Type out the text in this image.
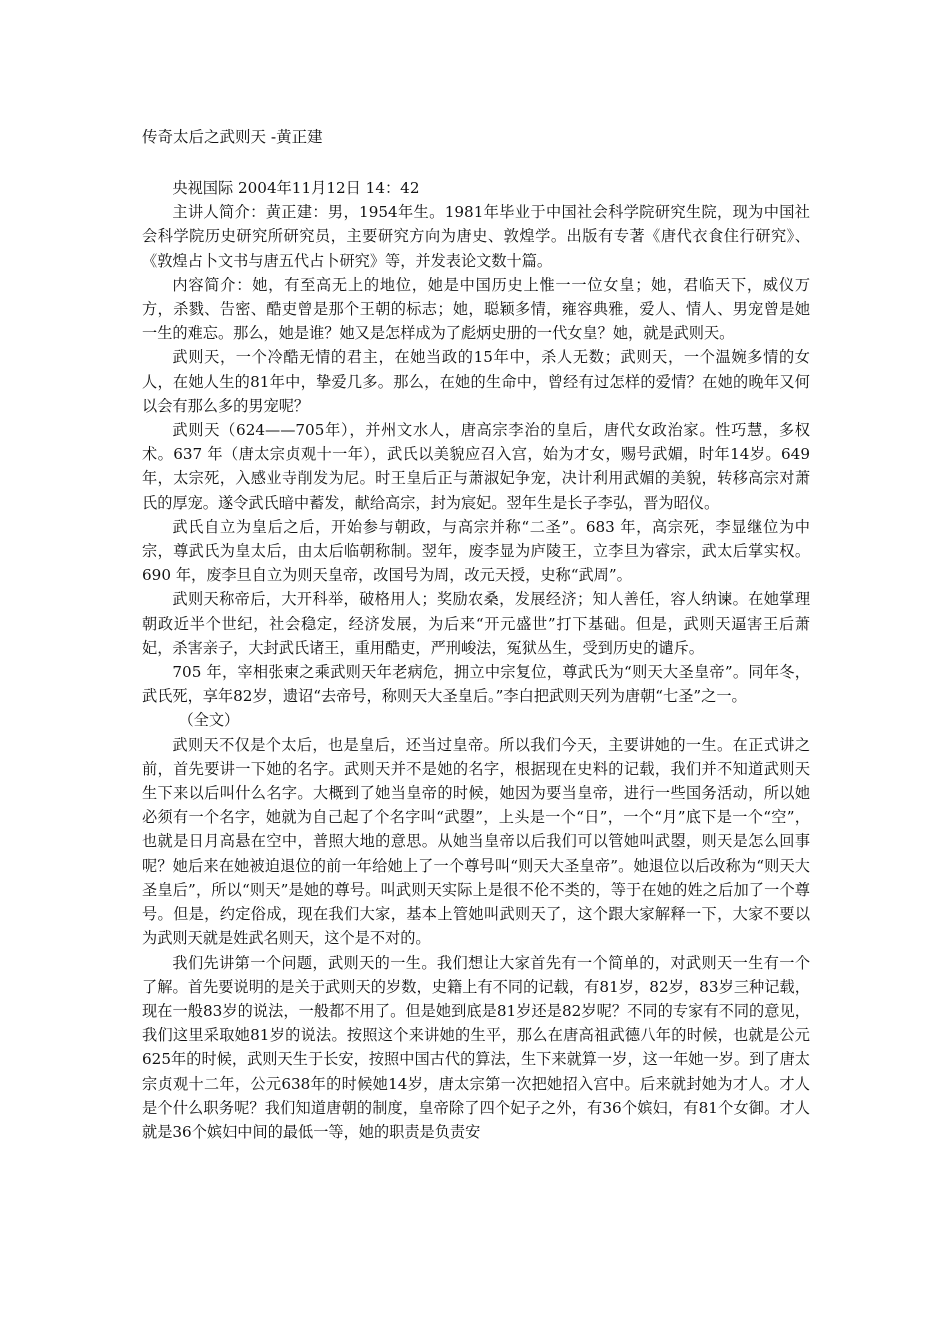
传奇太后之武则天 -黄正建

央视国际 2004年11月12日 14：42

主讲人简介：黄正建：男，1954年生。1981年毕业于中国社会科学院研究生院，现为中国社会科学院历史研究所研究员，主要研究方向为唐史、敦煌学。出版有专著《唐代衣食住行研究》、《敦煌占卜文书与唐五代占卜研究》等，并发表论文数十篇。

内容简介：她，有至高无上的地位，她是中国历史上惟一一位女皇；她，君临天下，威仪万方，杀戮、告密、酷吏曾是那个王朝的标志；她，聪颖多情，雍容典雅，爱人、情人、男宠曾是她一生的难忘。那么，她是谁？她又是怎样成为了彪炳史册的一代女皇？她，就是武则天。

武则天，一个冷酷无情的君主，在她当政的15年中，杀人无数；武则天，一个温婉多情的女人，在她人生的81年中，挚爱几多。那么，在她的生命中，曾经有过怎样的爱情？在她的晚年又何以会有那么多的男宠呢？

武则天（624——705年），并州文水人，唐高宗李治的皇后，唐代女政治家。性巧慧，多权术。637 年（唐太宗贞观十一年），武氏以美貌应召入宫，始为才女，赐号武媚，时年14岁。649年，太宗死，入感业寺削发为尼。时王皇后正与萧淑妃争宠，决计利用武媚的美貌，转移高宗对萧氏的厚宠。遂令武氏暗中蓄发，献给高宗，封为宸妃。翌年生是长子李弘，晋为昭仪。

武氏自立为皇后之后，开始参与朝政，与高宗并称“二圣”。683 年，高宗死，李显继位为中宗，尊武氏为皇太后，由太后临朝称制。翌年，废李显为庐陵王，立李旦为睿宗，武太后掌实权。690 年，废李旦自立为则天皇帝，改国号为周，改元天授，史称“武周”。

武则天称帝后，大开科举，破格用人；奖励农桑，发展经济；知人善任，容人纳谏。在她掌理朝政近半个世纪，社会稳定，经济发展，为后来“开元盛世”打下基础。但是，武则天逼害王后萧妃，杀害亲子，大封武氏诸王，重用酷吏，严刑峻法，冤狱丛生，受到历史的谴斥。

705 年，宰相张柬之乘武则天年老病危，拥立中宗复位，尊武氏为“则天大圣皇帝”。同年冬，武氏死，享年82岁，遗诏“去帝号，称则天大圣皇后。”李白把武则天列为唐朝“七圣”之一。

（全文）

武则天不仅是个太后，也是皇后，还当过皇帝。所以我们今天，主要讲她的一生。在正式讲之前，首先要讲一下她的名字。武则天并不是她的名字，根据现在史料的记载，我们并不知道武则天生下来以后叫什么名字。大概到了她当皇帝的时候，她因为要当皇帝，进行一些国务活动，所以她必须有一个名字，她就为自己起了个名字叫“武曌”，上头是一个“日”，一个“月”底下是一个“空”，也就是日月高悬在空中，普照大地的意思。从她当皇帝以后我们可以管她叫武曌，则天是怎么回事呢？她后来在她被迫退位的前一年给她上了一个尊号叫“则天大圣皇帝”。她退位以后改称为“则天大圣皇后”，所以“则天”是她的尊号。叫武则天实际上是很不伦不类的，等于在她的姓之后加了一个尊号。但是，约定俗成，现在我们大家，基本上管她叫武则天了，这个跟大家解释一下，大家不要以为武则天就是姓武名则天，这个是不对的。

我们先讲第一个问题，武则天的一生。我们想让大家首先有一个简单的，对武则天一生有一个了解。首先要说明的是关于武则天的岁数，史籍上有不同的记载，有81岁，82岁，83岁三种记载，现在一般83岁的说法，一般都不用了。但是她到底是81岁还是82岁呢？不同的专家有不同的意见，我们这里采取她81岁的说法。按照这个来讲她的生平，那么在唐高祖武德八年的时候，也就是公元625年的时候，武则天生于长安，按照中国古代的算法，生下来就算一岁，这一年她一岁。到了唐太宗贞观十二年，公元638年的时候她14岁，唐太宗第一次把她招入宫中。后来就封她为才人。才人是个什么职务呢？我们知道唐朝的制度，皇帝除了四个妃子之外，有36个嫔妇，有81个女御。才人就是36个嫔妇中间的最低一等，她的职责是负责安
